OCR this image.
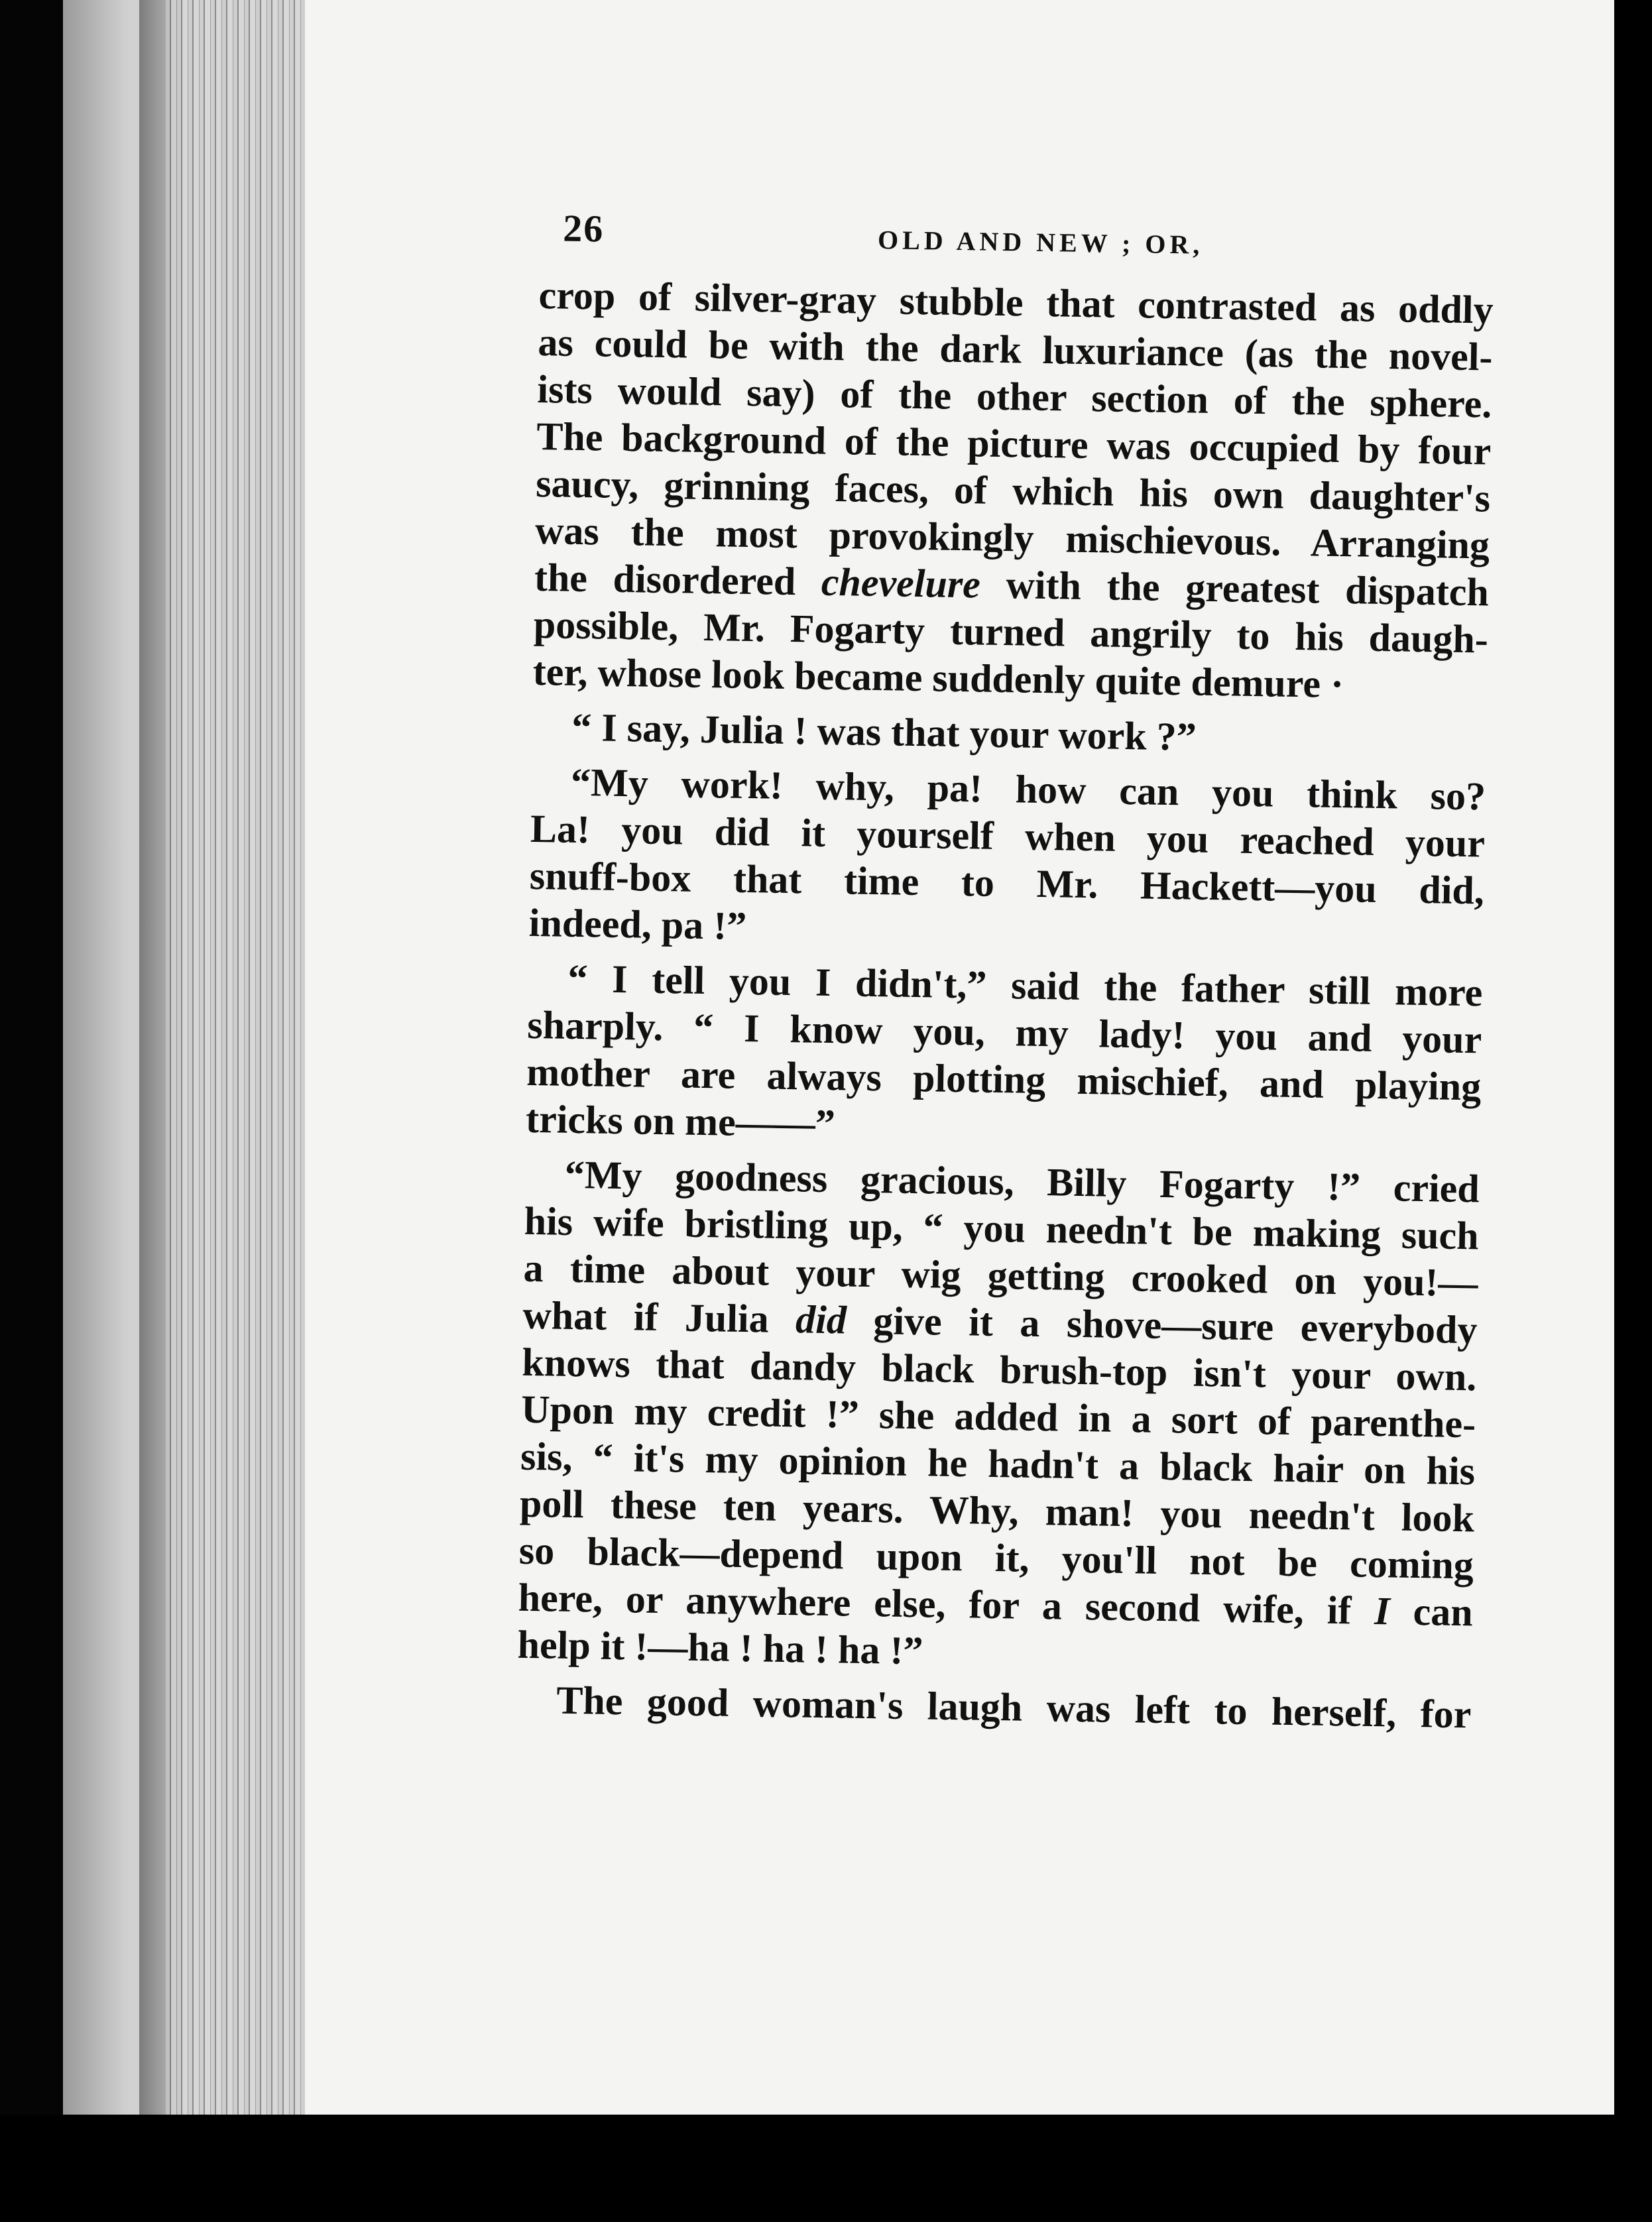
26	OLD AND NEW ; OR,
crop of silver-gray stubble that contrasted as oddly
as could be with the dark luxuriance (as the novel-
ists would say) of the other section of the sphere.
The background of the picture was occupied by four
saucy, grinning faces, of which his own daughter's
was the most provokingly mischievous. Arranging
the disordered chevelure with the greatest dispatch
possible, Mr. Fogarty turned angrily to his daugh-
ter, whose look became suddenly quite demure ·
“ I say, Julia ! was that your work ?”
“My work! why, pa! how can you think so?
La! you did it yourself when you reached your
snuff-box that time to Mr. Hackett—you did,
indeed, pa !”
“ I tell you I didn't,” said the father still more
sharply. “ I know you, my lady! you and your
mother are always plotting mischief, and playing
tricks on me——”
“My goodness gracious, Billy Fogarty !” cried
his wife bristling up, “ you needn't be making such
a time about your wig getting crooked on you!—
what if Julia did give it a shove—sure everybody
knows that dandy black brush-top isn't your own.
Upon my credit !” she added in a sort of parenthe-
sis, “ it's my opinion he hadn't a black hair on his
poll these ten years. Why, man! you needn't look
so black—depend upon it, you'll not be coming
here, or anywhere else, for a second wife, if I can
help it !—ha ! ha ! ha !”
The good woman's laugh was left to herself, for
